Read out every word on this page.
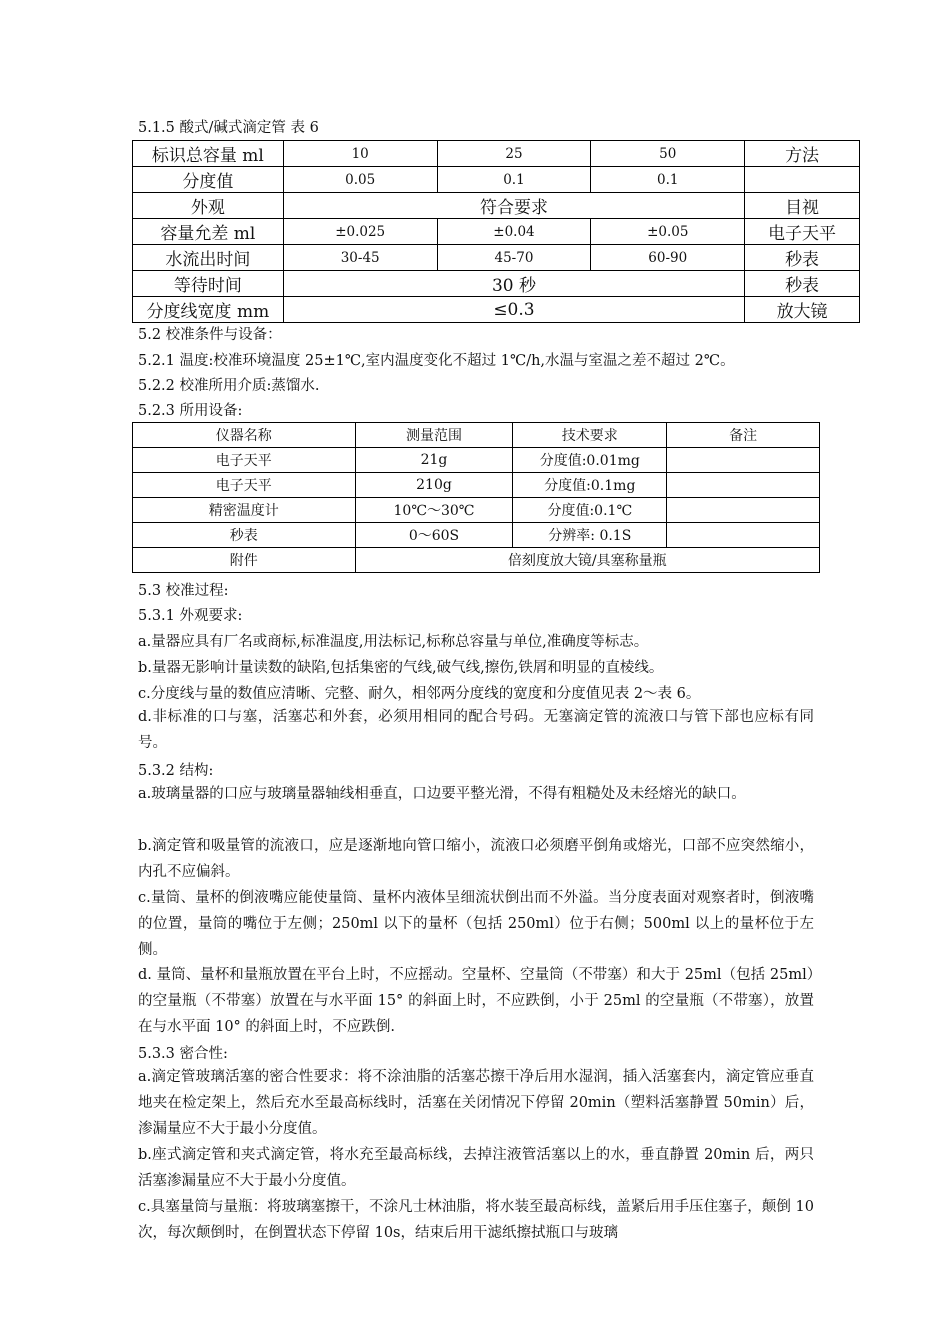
5.1.5 酸式/碱式滴定管 表 6
标识总容量 ml	10	25	50	方法
分度值	0.05	0.1	0.1	
外观	符合要求			目视
容量允差 ml	±0.025	±0.04	±0.05	电子天平
水流出时间	30-45	45-70	60-90	秒表
等待时间	30 秒			秒表
分度线宽度 mm	≤0.3			放大镜
5.2 校准条件与设备：
5.2.1 温度:校准环境温度 25±1℃,室内温度变化不超过 1℃/h,水温与室温之差不超过 2℃。
5.2.2 校准所用介质:蒸馏水.
5.2.3 所用设备:
仪器名称	测量范围	技术要求	备注
电子天平	21g	分度值:0.01mg	
电子天平	210g	分度值:0.1mg	
精密温度计	10℃～30℃	分度值:0.1℃	
秒表	0～60S	分辨率: 0.1S	
附件	倍刻度放大镜/具塞称量瓶		
5.3 校准过程:
5.3.1 外观要求:
a.量器应具有厂名或商标,标准温度,用法标记,标称总容量与单位,准确度等标志。
b.量器无影响计量读数的缺陷,包括集密的气线,破气线,擦伤,铁屑和明显的直棱线。
c.分度线与量的数值应清晰、完整、耐久，相邻两分度线的宽度和分度值见表 2～表 6。
d.非标准的口与塞，活塞芯和外套，必须用相同的配合号码。无塞滴定管的流液口与管下部也应标有同号。
5.3.2 结构:
a.玻璃量器的口应与玻璃量器轴线相垂直，口边要平整光滑，不得有粗糙处及未经熔光的缺口。
b.滴定管和吸量管的流液口，应是逐渐地向管口缩小，流液口必须磨平倒角或熔光，口部不应突然缩小，内孔不应偏斜。
c.量筒、量杯的倒液嘴应能使量筒、量杯内液体呈细流状倒出而不外溢。当分度表面对观察者时，倒液嘴的位置，量筒的嘴位于左侧；250ml 以下的量杯（包括 250ml）位于右侧；500ml 以上的量杯位于左侧。
d. 量筒、量杯和量瓶放置在平台上时，不应摇动。空量杯、空量筒（不带塞）和大于 25ml（包括 25ml）的空量瓶（不带塞）放置在与水平面 15° 的斜面上时，不应跌倒，小于 25ml 的空量瓶（不带塞），放置在与水平面 10° 的斜面上时，不应跌倒.
5.3.3 密合性:
a.滴定管玻璃活塞的密合性要求：将不涂油脂的活塞芯擦干净后用水湿润，插入活塞套内，滴定管应垂直地夹在检定架上，然后充水至最高标线时，活塞在关闭情况下停留 20min（塑料活塞静置 50min）后，渗漏量应不大于最小分度值。
b.座式滴定管和夹式滴定管，将水充至最高标线，去掉注液管活塞以上的水，垂直静置 20min 后，两只活塞渗漏量应不大于最小分度值。
c.具塞量筒与量瓶：将玻璃塞擦干，不涂凡士林油脂，将水装至最高标线，盖紧后用手压住塞子，颠倒 10 次，每次颠倒时，在倒置状态下停留 10s，结束后用干滤纸擦拭瓶口与玻璃
